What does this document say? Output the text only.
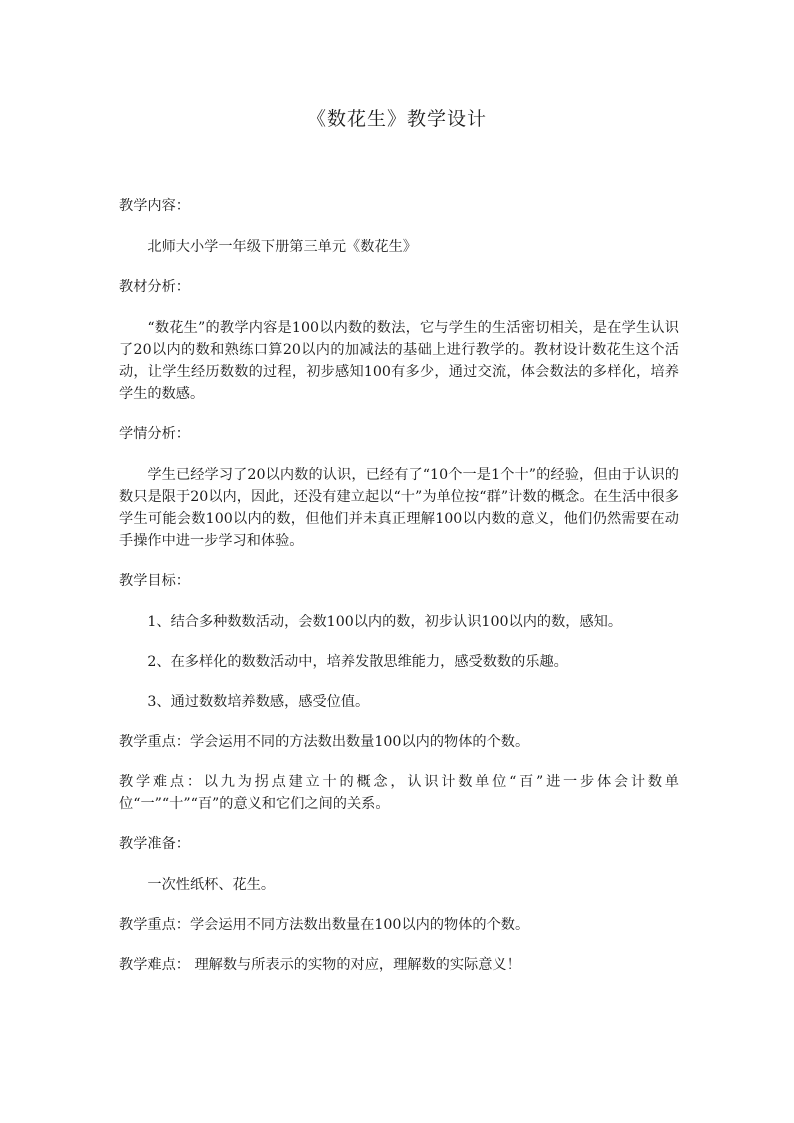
《数花生》教学设计

教学内容：

北师大小学一年级下册第三单元《数花生》

教材分析：

“数花生”的教学内容是100以内数的数法，它与学生的生活密切相关，是在学生认识了20以内的数和熟练口算20以内的加减法的基础上进行教学的。教材设计数花生这个活动，让学生经历数数的过程，初步感知100有多少，通过交流，体会数法的多样化，培养学生的数感。

学情分析：

学生已经学习了20以内数的认识，已经有了“10个一是1个十”的经验，但由于认识的数只是限于20以内，因此，还没有建立起以“十”为单位按“群”计数的概念。在生活中很多学生可能会数100以内的数，但他们并未真正理解100以内数的意义，他们仍然需要在动手操作中进一步学习和体验。

教学目标：

1、结合多种数数活动，会数100以内的数，初步认识100以内的数，感知。

2、在多样化的数数活动中，培养发散思维能力，感受数数的乐趣。

3、通过数数培养数感，感受位值。

教学重点：学会运用不同的方法数出数量100以内的物体的个数。

教学难点：以九为拐点建立十的概念，认识计数单位“百”进一步体会计数单位“一”“十”“百”的意义和它们之间的关系。

教学准备：

一次性纸杯、花生。

教学重点：学会运用不同方法数出数量在100以内的物体的个数。

教学难点： 理解数与所表示的实物的对应，理解数的实际意义！
